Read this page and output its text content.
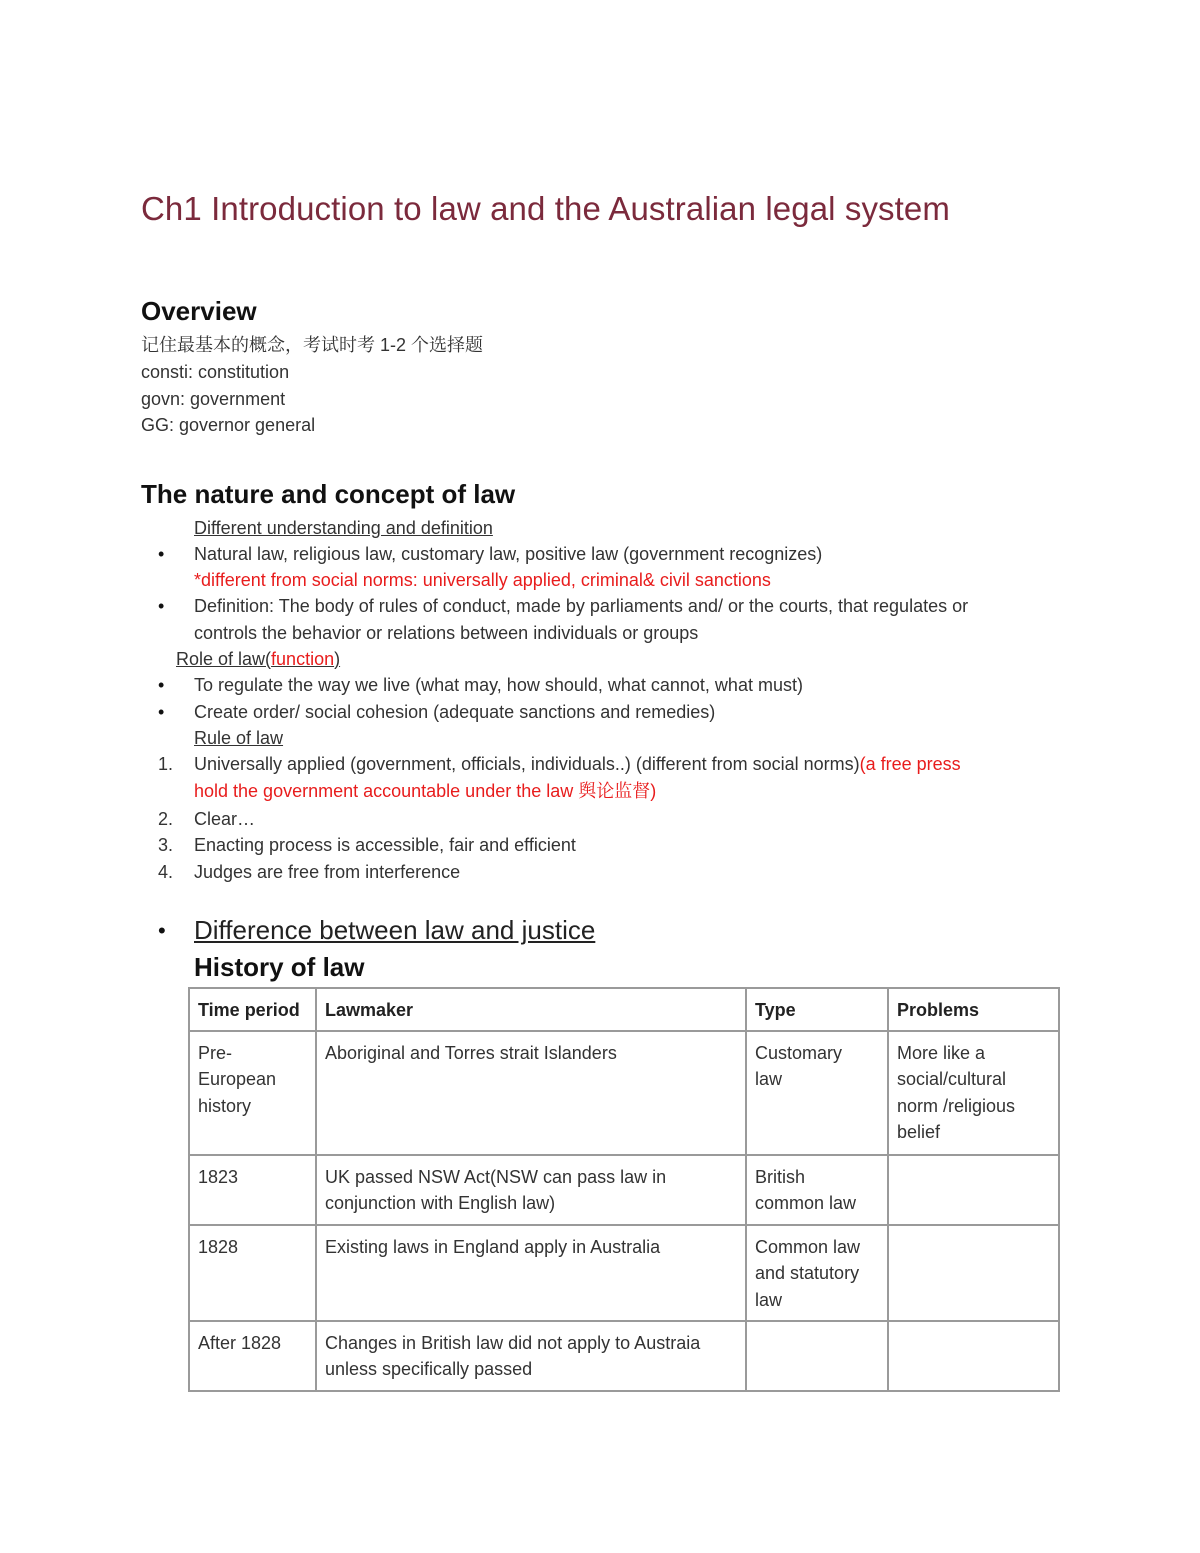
Ch1 Introduction to law and the Australian legal system
Overview
记住最基本的概念，考试时考 1-2 个选择题
consti: constitution
govn: government
GG: governor general
The nature and concept of law
Different understanding and definition
• Natural law, religious law, customary law, positive law (government recognizes)
*different from social norms: universally applied, criminal& civil sanctions
• Definition: The body of rules of conduct, made by parliaments and/ or the courts, that regulates or
controls the behavior or relations between individuals or groups
Role of law(function)
• To regulate the way we live (what may, how should, what cannot, what must)
• Create order/ social cohesion (adequate sanctions and remedies)
Rule of law
1. Universally applied (government, officials, individuals..) (different from social norms)(a free press
hold the government accountable under the law 舆论监督)
2. Clear…
3. Enacting process is accessible, fair and efficient
4. Judges are free from interference
• Difference between law and justice
History of law
Time period	Lawmaker	Type	Problems
Pre-
European
history	Aboriginal and Torres strait Islanders	Customary
law	More like a
social/cultural
norm /religious
belief
1823	UK passed NSW Act(NSW can pass law in
conjunction with English law)	British
common law	
1828	Existing laws in England apply in Australia	Common law
and statutory
law	
After 1828	Changes in British law did not apply to Austraia
unless specifically passed		
